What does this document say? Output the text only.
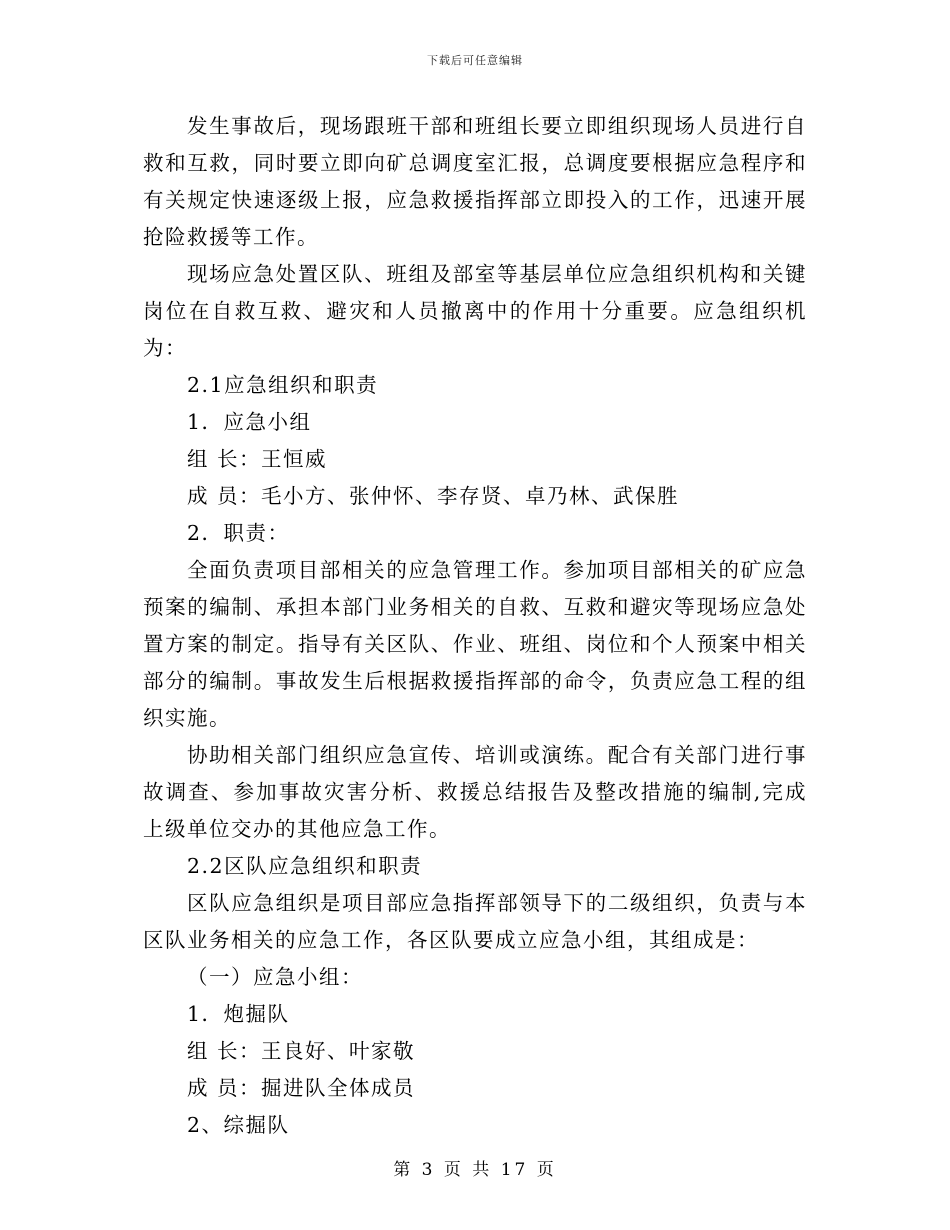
下载后可任意编辑

发生事故后，现场跟班干部和班组长要立即组织现场人员进行自救和互救，同时要立即向矿总调度室汇报，总调度要根据应急程序和有关规定快速逐级上报，应急救援指挥部立即投入的工作，迅速开展抢险救援等工作。

现场应急处置区队、班组及部室等基层单位应急组织机构和关键岗位在自救互救、避灾和人员撤离中的作用十分重要。应急组织机为：

2.1应急组织和职责

1．应急小组

组 长：王恒威

成 员：毛小方、张仲怀、李存贤、卓乃林、武保胜

2．职责：

全面负责项目部相关的应急管理工作。参加项目部相关的矿应急预案的编制、承担本部门业务相关的自救、互救和避灾等现场应急处置方案的制定。指导有关区队、作业、班组、岗位和个人预案中相关部分的编制。事故发生后根据救援指挥部的命令，负责应急工程的组织实施。

协助相关部门组织应急宣传、培训或演练。配合有关部门进行事故调查、参加事故灾害分析、救援总结报告及整改措施的编制,完成上级单位交办的其他应急工作。

2.2区队应急组织和职责

区队应急组织是项目部应急指挥部领导下的二级组织，负责与本区队业务相关的应急工作，各区队要成立应急小组，其组成是：

（一）应急小组：

1．炮掘队

组 长：王良好、叶家敬

成 员：掘进队全体成员

2、综掘队

第 3 页 共 17 页
